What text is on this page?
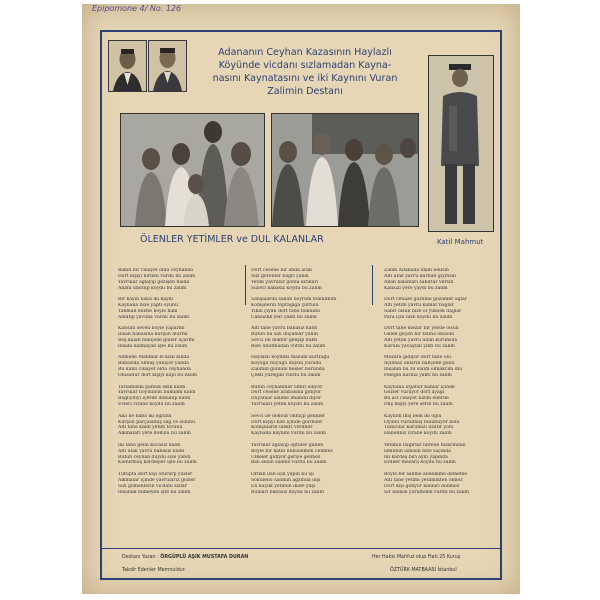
Epipomone 4/ No. 126
Adananın Ceyhan Kazasının Haylazlı
Köyünde vicdanı sızlamadan Kayna-
nasını Kaynatasını ve iki Kaynını Vuran
Zalimin Destanı
Katil Mahmut
ÖLENLER YETİMLER ve DUL KALANLAR
Bakın bir cinayet oldu ceyhanda
Dört kişiyi birden vurdu bu zalim
Yavrular ağlayıp gezişen halda
Allahı unutup koydu bu zalim
Bir kayın baba iki kaynı
Kaynana bize yaptı oyunu
Tahmah eniste böyle hani
Aldatıp yavuna vurdu bu zalim
Kansını seven böyle yaparmı
İnsan babasına kurşun atarmı
Boş kalan bahçede güller açarmı
İnsanı kalmayan işte bu zalim
Ahmede Mahmut el kızıl kında
Babasıda ölmüş yanıyor yanda
Bu kanlı cinayet oldu ceyhanda
Ölüsüdür dört kişiyi kapı bu zalim
Tarlamızda pamuk ekili kaldı
Yavrular boynunun büküldü kaldı
Bağlıydıyı içerde dökülüp kaldı
Evleri virane koydu bu zalim
Ana ile baba iki oğlunu
Kurşun parçalamış sağ ve solunu
Altı tane kaldı yetim torunu
Alkmaları yere dökülü bu zalim
İki tane gelin kocasız kaldı
Altı ufak yavru babasız kaldı
Bütün ceyhan duydu size yandı
Kudurmuş kardeşler işte bu zalim
Tutupta dört kişi otururp yüzler
Alkmalar içinde yavrularız gözler
Sizi gömenlerin vicdanı sızlar
İnsanlık bilmeyen işte bu zalim
Dört cesene bir anda arab
Sizi görenler bağrı yanık
Yetim yavrular gönlü kırıkarı
Sizleri babasız koydu bu zalim
Sabşalarda sallan boyrum büküldüm
Komşilerin toprağığa çürtulu
Yıkın çıyan dört tane büküldü
Cansızlık yeri yaktı bu zalim
Altı tane yavru babasız kaldı
Bütün bu sizi duyanlar yandı
Sevci ile doktor gelişip baktı
Bize unutmadan vurdu bu zalim
Haylazlı köydeki masum kürtlüğü
Köyüğü büyüğü duydu yürüdü
Zalimin gönlüni kesler büründü
Çekti yüreğini vurdu bu zalim
Bütün ceyhanlılar ölmri ediyor
Dört cesene arabasına gidiyor
Duyanlar salime imanını diyor
Yavruları yetim koydu bu zalim
Sevci ile dokour olduçp geldiler
Dört kişiyi kan içinde gördüler
Komşuların ülekri verdiler
Kaynana kaynını vurdu bu zalim
Yavrular ağlayıp öptüler günen
Böyle bir katili nebisinmen cenmez
Ülkeler gidiyor geriye gelmez
Bizi senin salime vurdu bu zalim
Ordan ilan için yapın bu işi
Sökülebu salimin ağzında dişi
En küçük yetimin ikide yaşı
Bunları babasız koydu bu zalim
Zalim Adanada idam edilsin
Altı ufak yavru kurban giyinsin
Allah kalanları sabırlar versin
Kansızı yere yaydı bu zalim
Dört cenaze gözüme gözanler ağlar
Altı yetim yavru kanlar bağlar
Sabri olsun bize ol yüksek dağlar
Para için bize koydu bu zalim
Dört tane mezar bir yerde ölsun
Gelen geçen bir fatiha okusun
Altı yetim yavru allah korunsun
Kurulu yavaştan yıktı bu zalim
Mezara gidiyor dört tane ölü
Açılmaz onların bahçede güllü
İnsanın bu zu salim olmakcım dili
Feleğin narına yaktı bu zalim
Kaynana ırgatsır kanlar içinde
Gözler vuruyor dört ayağı
Bu acı cinayet bizim ellerde
Düş kişiyi yere serdi bu zalim
Kaynım ibiş bem iki oğlu
Öçünü vurulmuş bulunuyor bolu
Tozacilar karıımızı uzatır yolu
Hanenniz virane koydu zalim
Yetimin bağırlar nerede hisarından
İsmimin ismisin bize saçında
İki kardeş biri ayın yapında
Erdiler mezara koydu bu zalim
Böyle bir salime ailelimme dememe
Altı tane yetimi yetimlikten ölmez
Dört kişi gidiyor kanları dönmez
Sir hadise yürümden vurdu bu zalim
Destanı Yazan : ÖRGÜPLÜ AŞIK MUSTAFA DURAN	Her Hakkı Mahfuz olup Fiatı 25 Kuruş
Takdir Edenler Memnuldur.	ÖZTÜRK MATBAASI İstanbul
